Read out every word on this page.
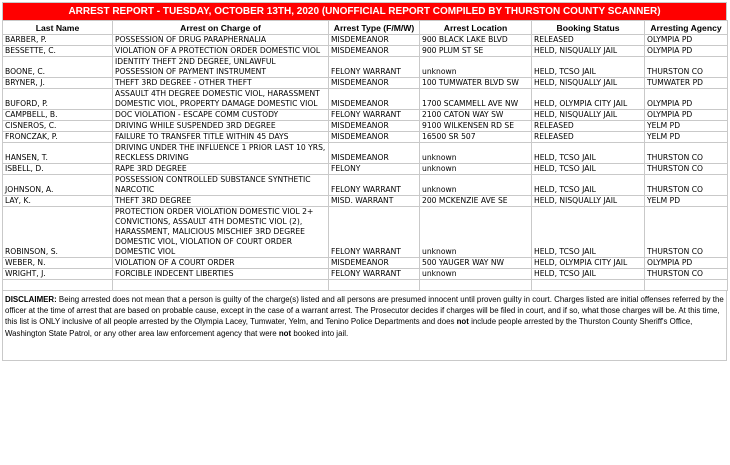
ARREST REPORT - TUESDAY, OCTOBER 13TH, 2020 (UNOFFICIAL REPORT COMPILED BY THURSTON COUNTY SCANNER)
Last Name	Arrest on Charge of	Arrest Type (F/M/W)	Arrest Location	Booking Status	Arresting Agency
BARBER, P.	POSSESSION OF DRUG PARAPHERNALIA	MISDEMEANOR	900 BLACK LAKE BLVD	RELEASED	OLYMPIA PD
BESSETTE, C.	VIOLATION OF A PROTECTION ORDER DOMESTIC VIOL	MISDEMEANOR	900 PLUM ST SE	HELD, NISQUALLY JAIL	OLYMPIA PD
BOONE, C.	IDENTITY THEFT 2ND DEGREE, UNLAWFUL POSSESSION OF PAYMENT INSTRUMENT	FELONY WARRANT	unknown	HELD, TCSO JAIL	THURSTON CO
BRYNER, J.	THEFT 3RD DEGREE - OTHER THEFT	MISDEMEANOR	100 TUMWATER BLVD SW	HELD, NISQUALLY JAIL	TUMWATER PD
BUFORD, P.	ASSAULT 4TH DEGREE DOMESTIC VIOL, HARASSMENT DOMESTIC VIOL, PROPERTY DAMAGE DOMESTIC VIOL	MISDEMEANOR	1700 SCAMMELL AVE NW	HELD, OLYMPIA CITY JAIL	OLYMPIA PD
CAMPBELL, B.	DOC VIOLATION - ESCAPE COMM CUSTODY	FELONY WARRANT	2100 CATON WAY SW	HELD, NISQUALLY JAIL	OLYMPIA PD
CISNEROS, C.	DRIVING WHILE SUSPENDED 3RD DEGREE	MISDEMEANOR	9100 WILKENSEN RD SE	RELEASED	YELM PD
FRONCZAK, P.	FAILURE TO TRANSFER TITLE WITHIN 45 DAYS	MISDEMEANOR	16500 SR 507	RELEASED	YELM PD
HANSEN, T.	DRIVING UNDER THE INFLUENCE 1 PRIOR LAST 10 YRS, RECKLESS DRIVING	MISDEMEANOR	unknown	HELD, TCSO JAIL	THURSTON CO
ISBELL, D.	RAPE 3RD DEGREE	FELONY	unknown	HELD, TCSO JAIL	THURSTON CO
JOHNSON, A.	POSSESSION CONTROLLED SUBSTANCE SYNTHETIC NARCOTIC	FELONY WARRANT	unknown	HELD, TCSO JAIL	THURSTON CO
LAY, K.	THEFT 3RD DEGREE	MISD. WARRANT	200 MCKENZIE AVE SE	HELD, NISQUALLY JAIL	YELM PD
ROBINSON, S.	PROTECTION ORDER VIOLATION DOMESTIC VIOL 2+ CONVICTIONS, ASSAULT 4TH DOMESTIC VIOL (2), HARASSMENT, MALICIOUS MISCHIEF 3RD DEGREE DOMESTIC VIOL, VIOLATION OF COURT ORDER DOMESTIC VIOL	FELONY WARRANT	unknown	HELD, TCSO JAIL	THURSTON CO
WEBER, N.	VIOLATION OF A COURT ORDER	MISDEMEANOR	500 YAUGER WAY NW	HELD, OLYMPIA CITY JAIL	OLYMPIA PD
WRIGHT, J.	FORCIBLE INDECENT LIBERTIES	FELONY WARRANT	unknown	HELD, TCSO JAIL	THURSTON CO

DISCLAIMER: Being arrested does not mean that a person is guilty of the charge(s) listed and all persons are presumed innocent until proven guilty in court. Charges listed are initial offenses referred by the officer at the time of arrest that are based on probable cause, except in the case of a warrant arrest. The Prosecutor decides if charges will be filed in court, and if so, what those charges will be. At this time, this list is ONLY inclusive of all people arrested by the Olympia Lacey, Tumwater, Yelm, and Tenino Police Departments and does not include people arrested by the Thurston County Sheriff's Office, Washington State Patrol, or any other area law enforcement agency that were not booked into jail.
